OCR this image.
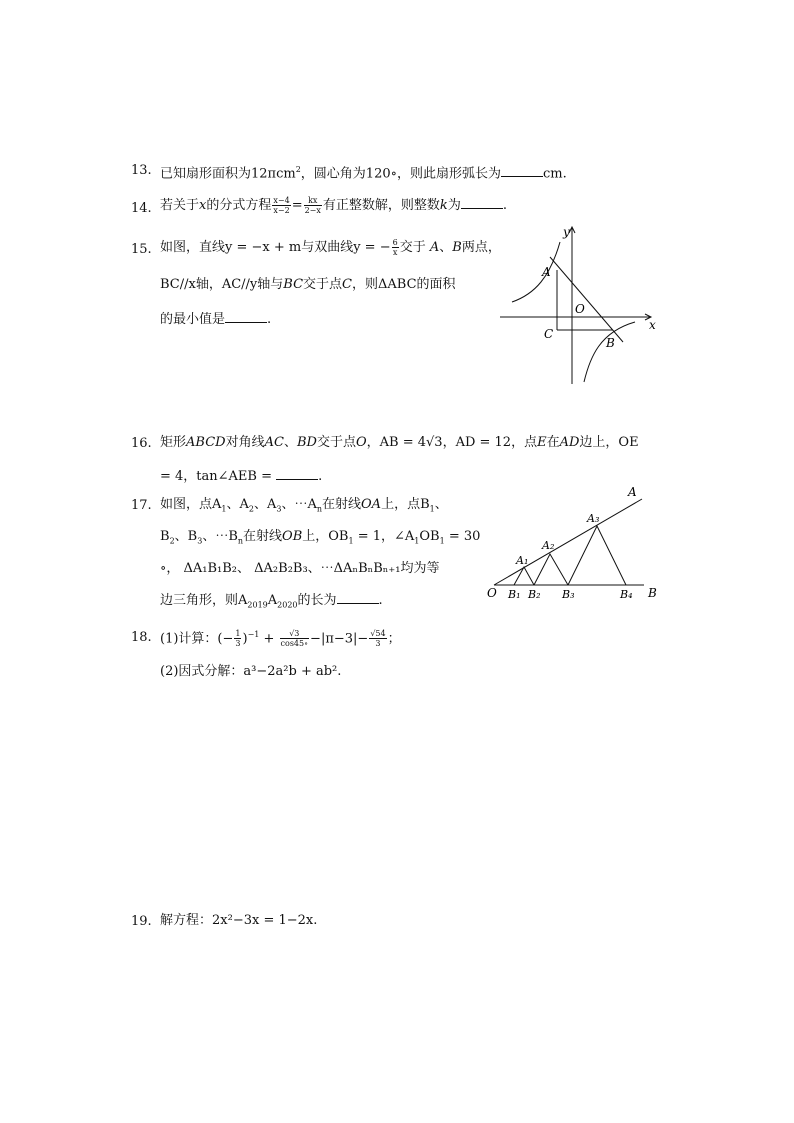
13. 已知扇形面积为12πcm$^2$，圆心角为120∘，则此扇形弧长为	cm.
14. 若关于x的分式方程 $\frac{x-4}{x-2} = \frac{kx}{2-x}$ 有正整数解，则整数k为	.
15. 如图，直线y = −x + m与双曲线y = − $\frac{6}{x}$ 交于 A、B两点，
BC//x轴，AC//y轴与BC交于点C，则ΔABC的面积
的最小值是	.
y
x
A
B
C
O
16. 矩形ABCD对角线AC、BD交于点O，AB = 4√3，AD = 12，点E在AD边上，OE
= 4，tan∠AEB =	.
17. 如图，点$A_1$、$A_2$、$A_3$、$\cdots A_n$在射线OA上，点$B_1$、
$B_2$、$B_3$、$\cdots B_n$在射线OB上，$OB_1 = 1$，$\angle A_1OB_1 = 30$
∘， ΔA₁B₁B₂、 ΔA₂B₂B₃、⋯ΔAₙBₙBₙ₊₁均为等
边三角形，则$A_{2019}A_{2020}$的长为	.
A
B
O
A₁
A₂
A₃
B₁ B₂ B₃	B₄
18. (1)计算：(− $\frac{1}{3} )^{-1} + \frac{√3}{\cos 45\circ} -|\pi-3|- \frac{√54}{3}$ ；
(2)因式分解：a³−2a²b + ab².
19. 解方程：2x²−3x = 1−2x.
